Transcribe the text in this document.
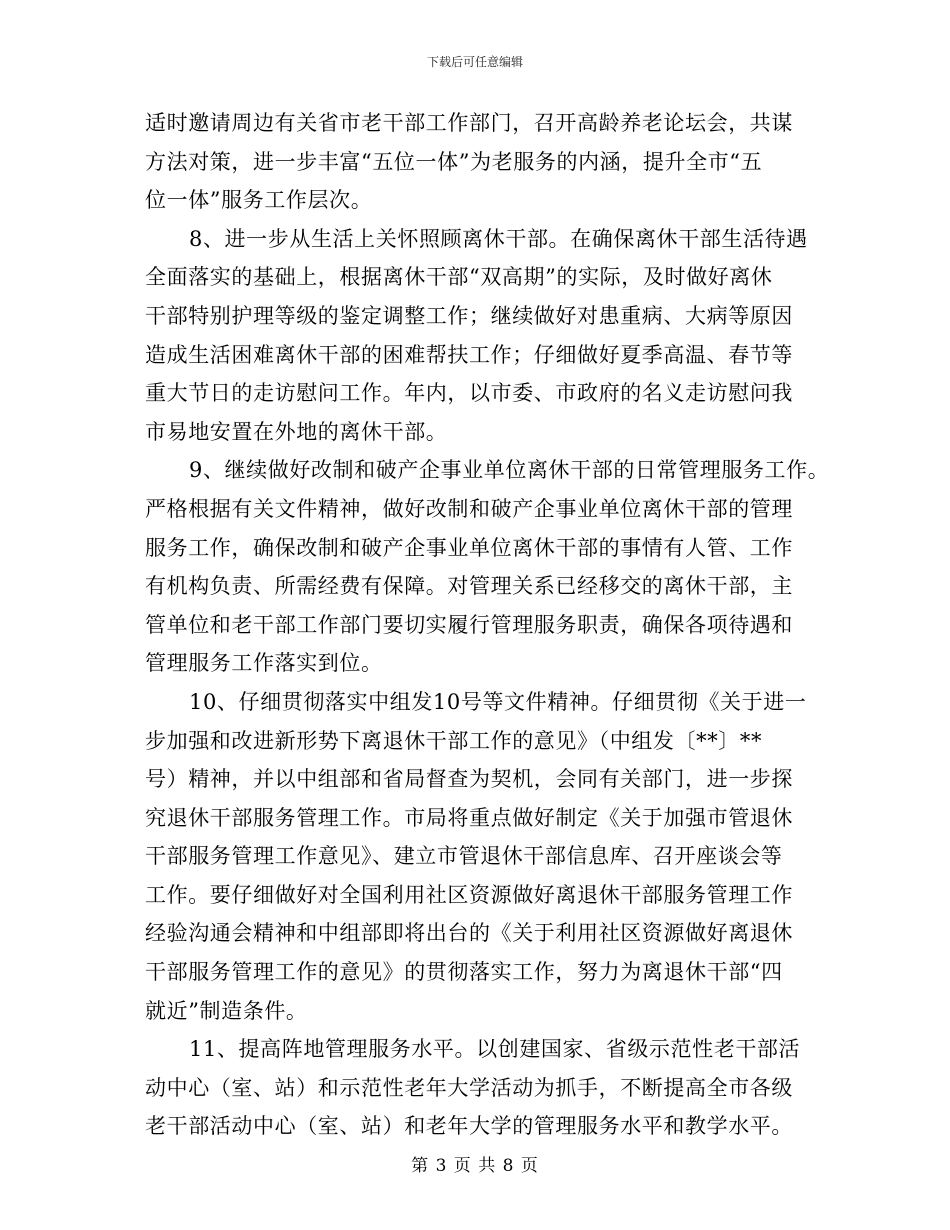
下载后可任意编辑
适时邀请周边有关省市老干部工作部门，召开高龄养老论坛会，共谋
方法对策，进一步丰富“五位一体”为老服务的内涵，提升全市“五
位一体”服务工作层次。
8、进一步从生活上关怀照顾离休干部。在确保离休干部生活待遇
全面落实的基础上，根据离休干部“双高期”的实际，及时做好离休
干部特别护理等级的鉴定调整工作；继续做好对患重病、大病等原因
造成生活困难离休干部的困难帮扶工作；仔细做好夏季高温、春节等
重大节日的走访慰问工作。年内，以市委、市政府的名义走访慰问我
市易地安置在外地的离休干部。
9、继续做好改制和破产企事业单位离休干部的日常管理服务工作。
严格根据有关文件精神，做好改制和破产企事业单位离休干部的管理
服务工作，确保改制和破产企事业单位离休干部的事情有人管、工作
有机构负责、所需经费有保障。对管理关系已经移交的离休干部，主
管单位和老干部工作部门要切实履行管理服务职责，确保各项待遇和
管理服务工作落实到位。
10、仔细贯彻落实中组发10号等文件精神。仔细贯彻《关于进一
步加强和改进新形势下离退休干部工作的意见》（中组发〔**〕**
号）精神，并以中组部和省局督查为契机，会同有关部门，进一步探
究退休干部服务管理工作。市局将重点做好制定《关于加强市管退休
干部服务管理工作意见》、建立市管退休干部信息库、召开座谈会等
工作。要仔细做好对全国利用社区资源做好离退休干部服务管理工作
经验沟通会精神和中组部即将出台的《关于利用社区资源做好离退休
干部服务管理工作的意见》的贯彻落实工作，努力为离退休干部“四
就近”制造条件。
11、提高阵地管理服务水平。以创建国家、省级示范性老干部活
动中心（室、站）和示范性老年大学活动为抓手，不断提高全市各级
老干部活动中心（室、站）和老年大学的管理服务水平和教学水平。
第 3 页 共 8 页
